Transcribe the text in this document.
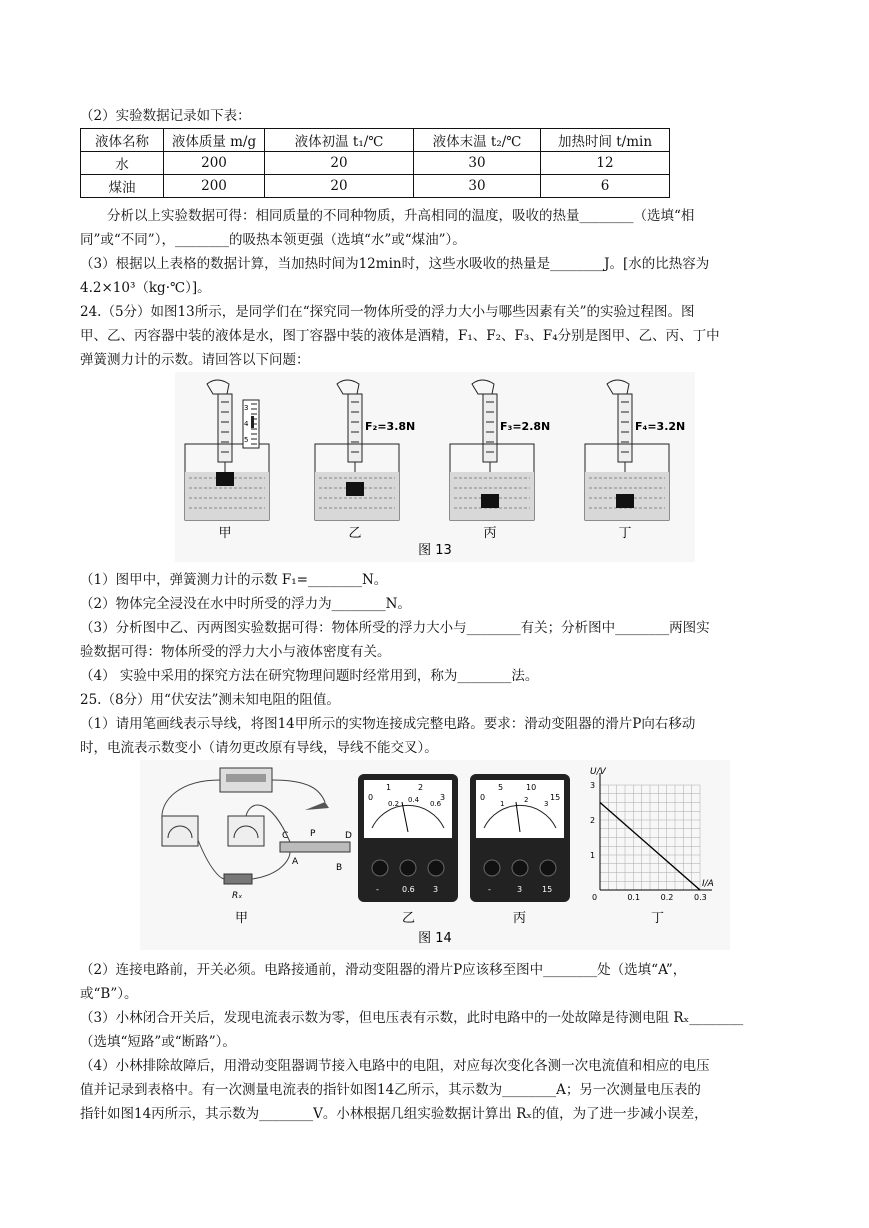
（2）实验数据记录如下表：
液体名称	液体质量 m/g	液体初温 t₁/℃	液体末温 t₂/℃	加热时间 t/min
水	200	20	30	12
煤油	200	20	30	6
分析以上实验数据可得：相同质量的不同种物质，升高相同的温度，吸收的热量________（选填“相
同”或“不同”），________的吸热本领更强（选填“水”或“煤油”）。
（3）根据以上表格的数据计算，当加热时间为12min时，这些水吸收的热量是________J。[水的比热容为
4.2×10³（kg·℃）]。
24.（5分）如图13所示，是同学们在“探究同一物体所受的浮力大小与哪些因素有关”的实验过程图。图
甲、乙、丙容器中装的液体是水，图丁容器中装的液体是酒精，F₁、F₂、F₃、F₄分别是图甲、乙、丙、丁中
弹簧测力计的示数。请回答以下问题：
甲
3
4
5
乙
F₂=3.8N
丙
F₃=2.8N
丁
F₄=3.2N
图 13
（1）图甲中，弹簧测力计的示数 F₁=________N。
（2）物体完全浸没在水中时所受的浮力为________N。
（3）分析图中乙、丙两图实验数据可得：物体所受的浮力大小与________有关；分析图中________两图实
验数据可得：物体所受的浮力大小与液体密度有关。
（4） 实验中采用的探究方法在研究物理问题时经常用到，称为________法。
25.（8分）用“伏安法”测未知电阻的阻值。
（1）请用笔画线表示导线，将图14甲所示的实物连接成完整电路。要求：滑动变阻器的滑片P向右移动
时，电流表示数变小（请勿更改原有导线，导线不能交叉）。
C P	D
A
B
Rₓ
甲
0
1	2
3
0.2 0.4 0.6
-	0.6 3
乙
0
5	10
15
1	2 3
-	3 15
丙
U/V
I/A
丁
1
2
3
0	0.1	0.2	0.3
图 14
（2）连接电路前，开关必须。电路接通前，滑动变阻器的滑片P应该移至图中________处（选填“A”，
或“B”）。
（3）小林闭合开关后，发现电流表示数为零，但电压表有示数，此时电路中的一处故障是待测电阻 Rₓ________
（选填“短路”或“断路”）。
（4）小林排除故障后，用滑动变阻器调节接入电路中的电阻，对应每次变化各测一次电流值和相应的电压
值并记录到表格中。有一次测量电流表的指针如图14乙所示，其示数为________A；另一次测量电压表的
指针如图14丙所示，其示数为________V。小林根据几组实验数据计算出 Rₓ的值，为了进一步减小误差，
